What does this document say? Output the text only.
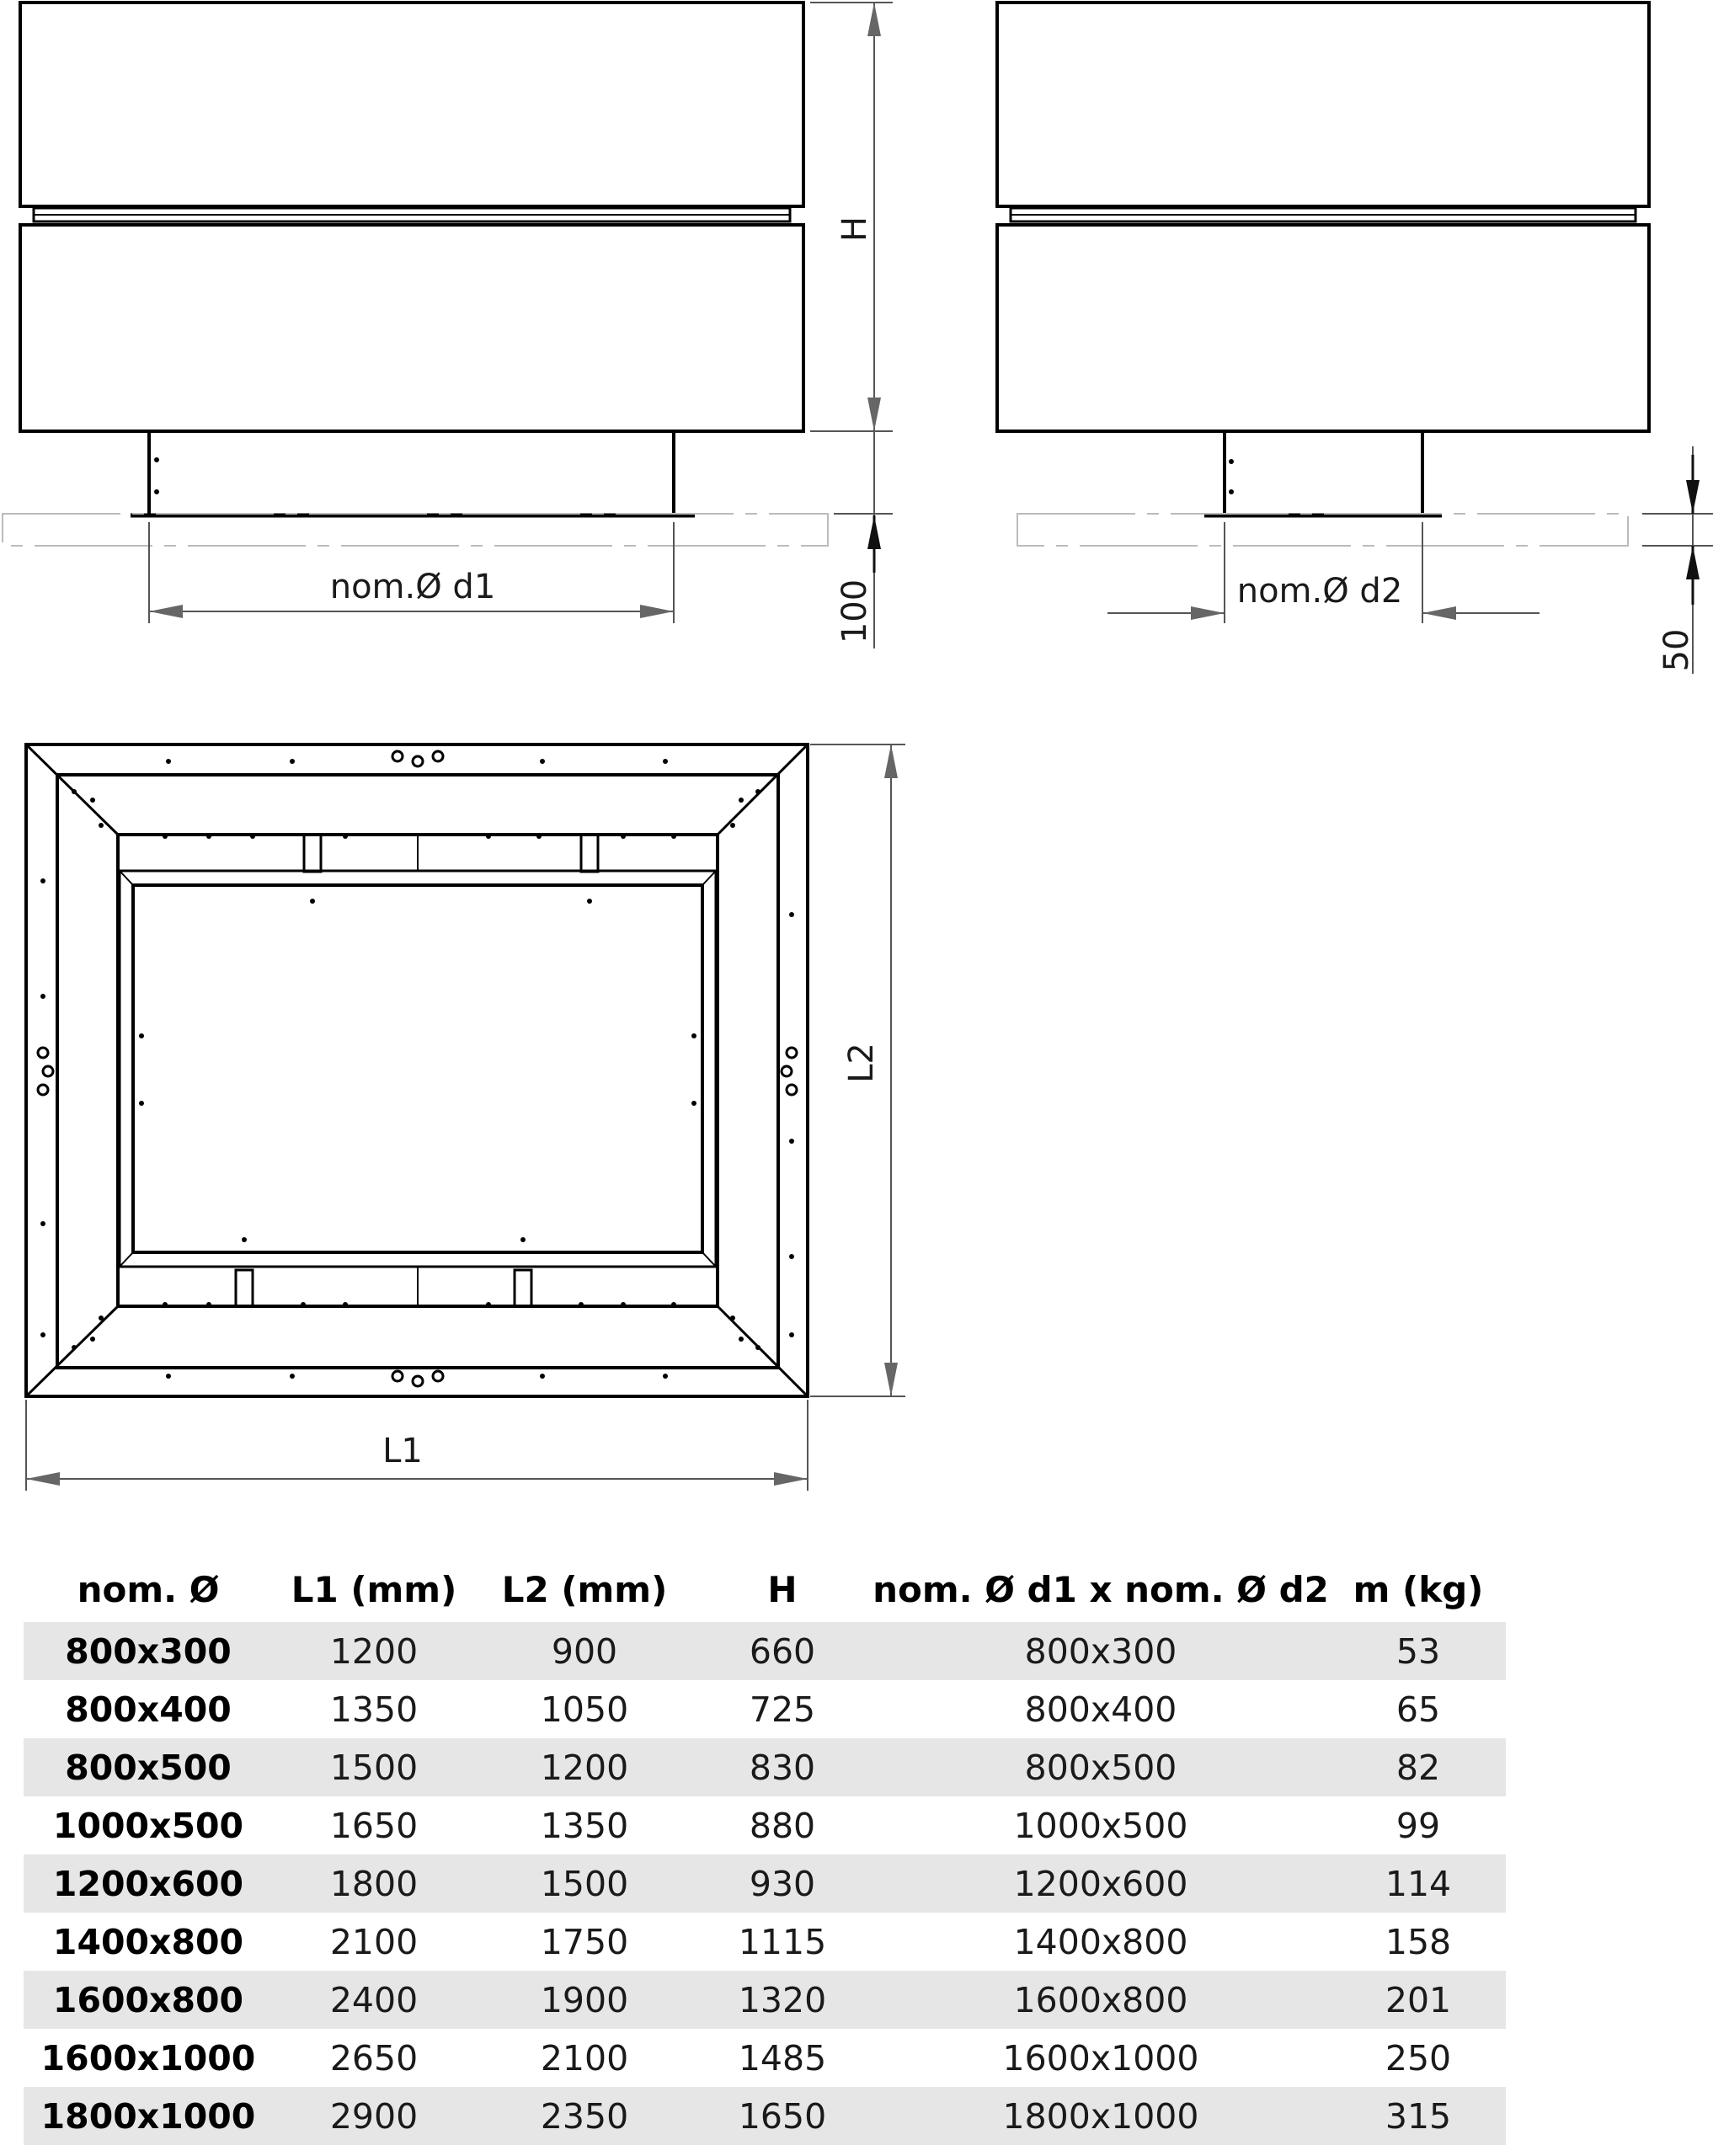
H
100
nom.Ø d1	nom.Ø d2
50
L2
L1
nom. Ø	L1 (mm)	L2 (mm)	H	nom. Ø d1 x nom. Ø d2	m (kg)
800x300	1200	900	660	800x300	53
800x400	1350	1050	725	800x400	65
800x500	1500	1200	830	800x500	82
1000x500	1650	1350	880	1000x500	99
1200x600	1800	1500	930	1200x600	114
1400x800	2100	1750	1115	1400x800	158
1600x800	2400	1900	1320	1600x800	201
1600x1000	2650	2100	1485	1600x1000	250
1800x1000	2900	2350	1650	1800x1000	315
